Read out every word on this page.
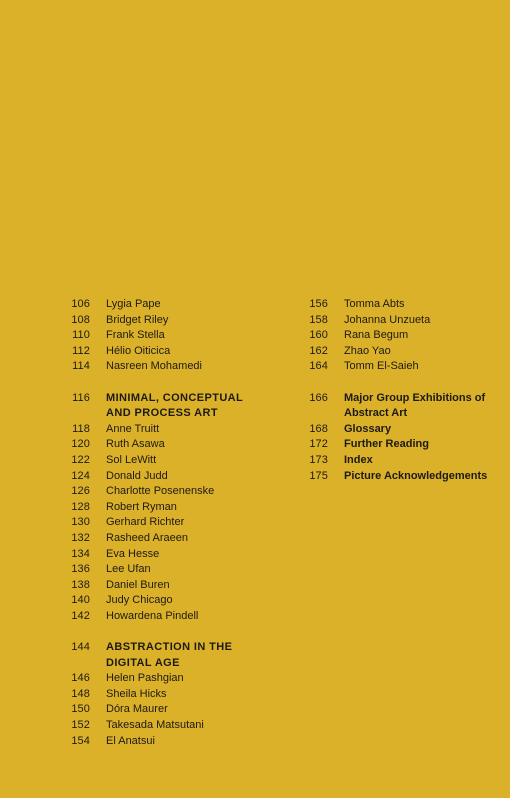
106 Lygia Pape
108 Bridget Riley
110 Frank Stella
112 Hélio Oiticica
114 Nasreen Mohamedi
116 MINIMAL, CONCEPTUAL AND PROCESS ART
118 Anne Truitt
120 Ruth Asawa
122 Sol LeWitt
124 Donald Judd
126 Charlotte Posenenske
128 Robert Ryman
130 Gerhard Richter
132 Rasheed Araeen
134 Eva Hesse
136 Lee Ufan
138 Daniel Buren
140 Judy Chicago
142 Howardena Pindell
144 ABSTRACTION IN THE DIGITAL AGE
146 Helen Pashgian
148 Sheila Hicks
150 Dóra Maurer
152 Takesada Matsutani
154 El Anatsui
156 Tomma Abts
158 Johanna Unzueta
160 Rana Begum
162 Zhao Yao
164 Tomm El-Saieh
166 Major Group Exhibitions of Abstract Art
168 Glossary
172 Further Reading
173 Index
175 Picture Acknowledgements
